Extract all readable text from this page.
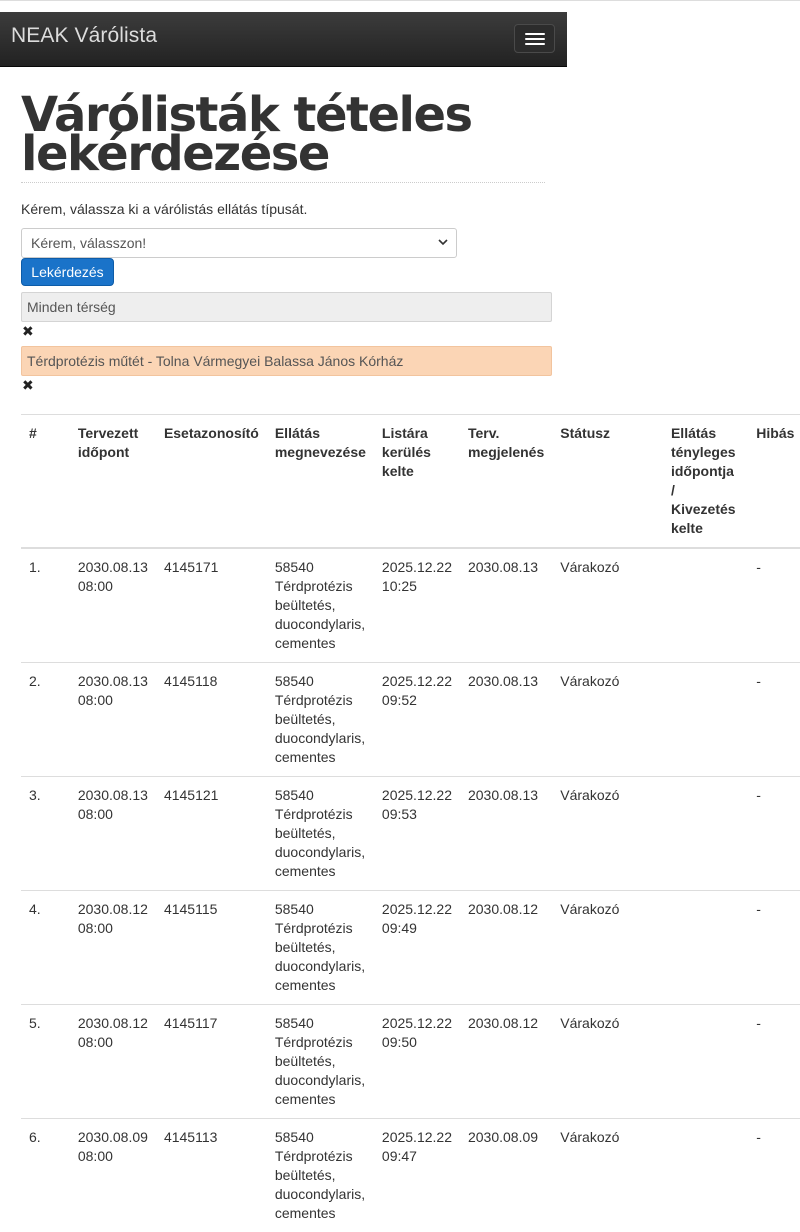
NEAK Várólista
Várólisták tételes lekérdezése
Kérem, válassza ki a várólistás ellátás típusát.
Kérem, válasszon!
Lekérdezés
Minden térség
✖
Térdprotézis műtét - Tolna Vármegyei Balassa János Kórház
✖
#	Tervezett időpont	Esetazonosító	Ellátás megnevezése	Listára kerülés kelte	Terv. megjelenés	Státusz	Ellátás tényleges időpontja / Kivezetés kelte	Hibás
1.	2030.08.13 08:00	4145171	58540 Térdprotézis beültetés, duocondylaris, cementes	2025.12.22 10:25	2030.08.13	Várakozó		-
2.	2030.08.13 08:00	4145118	58540 Térdprotézis beültetés, duocondylaris, cementes	2025.12.22 09:52	2030.08.13	Várakozó		-
3.	2030.08.13 08:00	4145121	58540 Térdprotézis beültetés, duocondylaris, cementes	2025.12.22 09:53	2030.08.13	Várakozó		-
4.	2030.08.12 08:00	4145115	58540 Térdprotézis beültetés, duocondylaris, cementes	2025.12.22 09:49	2030.08.12	Várakozó		-
5.	2030.08.12 08:00	4145117	58540 Térdprotézis beültetés, duocondylaris, cementes	2025.12.22 09:50	2030.08.12	Várakozó		-
6.	2030.08.09 08:00	4145113	58540 Térdprotézis beültetés, duocondylaris, cementes	2025.12.22 09:47	2030.08.09	Várakozó		-
